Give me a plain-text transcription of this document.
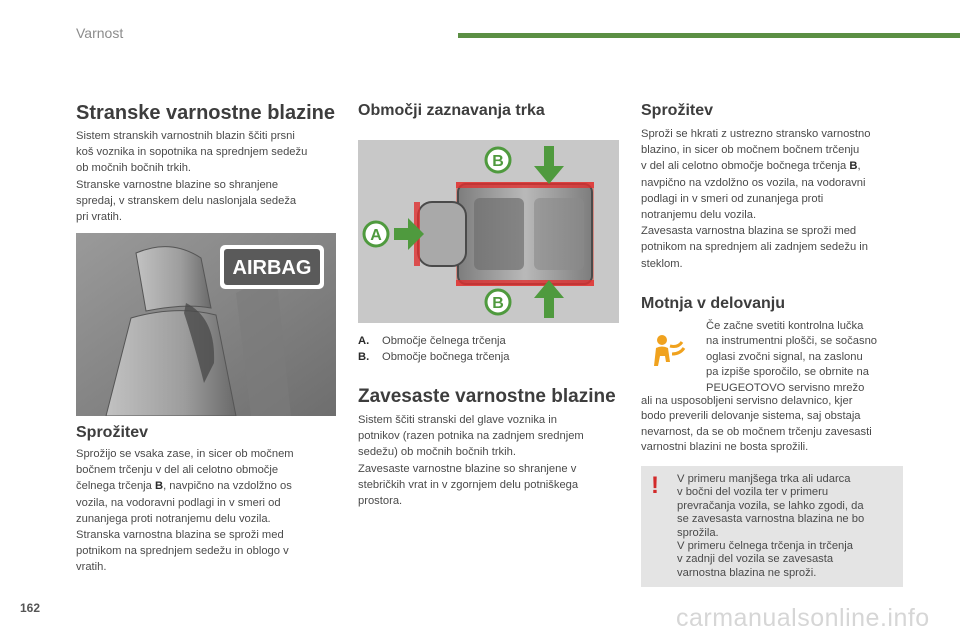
Varnost
Stranske varnostne blazine
Sistem stranskih varnostnih blazin ščiti prsni
koš voznika in sopotnika na sprednjem sedežu
ob močnih bočnih trkih.
Stranske varnostne blazine so shranjene
spredaj, v stranskem delu naslonjala sedeža
pri vratih.
AIRBAG
Sprožitev
Sprožijo se vsaka zase, in sicer ob močnem
bočnem trčenju v del ali celotno območje
čelnega trčenja B, navpično na vzdolžno os
vozila, na vodoravni podlagi in v smeri od
zunanjega proti notranjemu delu vozila.
Stranska varnostna blazina se sproži med
potnikom na sprednjem sedežu in oblogo v
vratih.
Območji zaznavanja trka
B
B
A
A. Območje čelnega trčenja
B. Območje bočnega trčenja
Zavesaste varnostne blazine
Sistem ščiti stranski del glave voznika in
potnikov (razen potnika na zadnjem srednjem
sedežu) ob močnih bočnih trkih.
Zavesaste varnostne blazine so shranjene v
stebričkih vrat in v zgornjem delu potniškega
prostora.
Sprožitev
Sproži se hkrati z ustrezno stransko varnostno
blazino, in sicer ob močnem bočnem trčenju
v del ali celotno območje bočnega trčenja B,
navpično na vzdolžno os vozila, na vodoravni
podlagi in v smeri od zunanjega proti
notranjemu delu vozila.
Zavesasta varnostna blazina se sproži med
potnikom na sprednjem ali zadnjem sedežu in
steklom.
Motnja v delovanju
Če začne svetiti kontrolna lučka
na instrumentni plošči, se sočasno
oglasi zvočni signal, na zaslonu
pa izpiše sporočilo, se obrnite na
PEUGEOTOVO servisno mrežo
ali na usposobljeni servisno delavnico, kjer
bodo preverili delovanje sistema, saj obstaja
nevarnost, da se ob močnem trčenju zavesasti
varnostni blazini ne bosta sprožili.
! V primeru manjšega trka ali udarca
v bočni del vozila ter v primeru
prevračanja vozila, se lahko zgodi, da
se zavesasta varnostna blazina ne bo
sprožila.
V primeru čelnega trčenja in trčenja
v zadnji del vozila se zavesasta
varnostna blazina ne sproži.
162	carmanualsonline.info
